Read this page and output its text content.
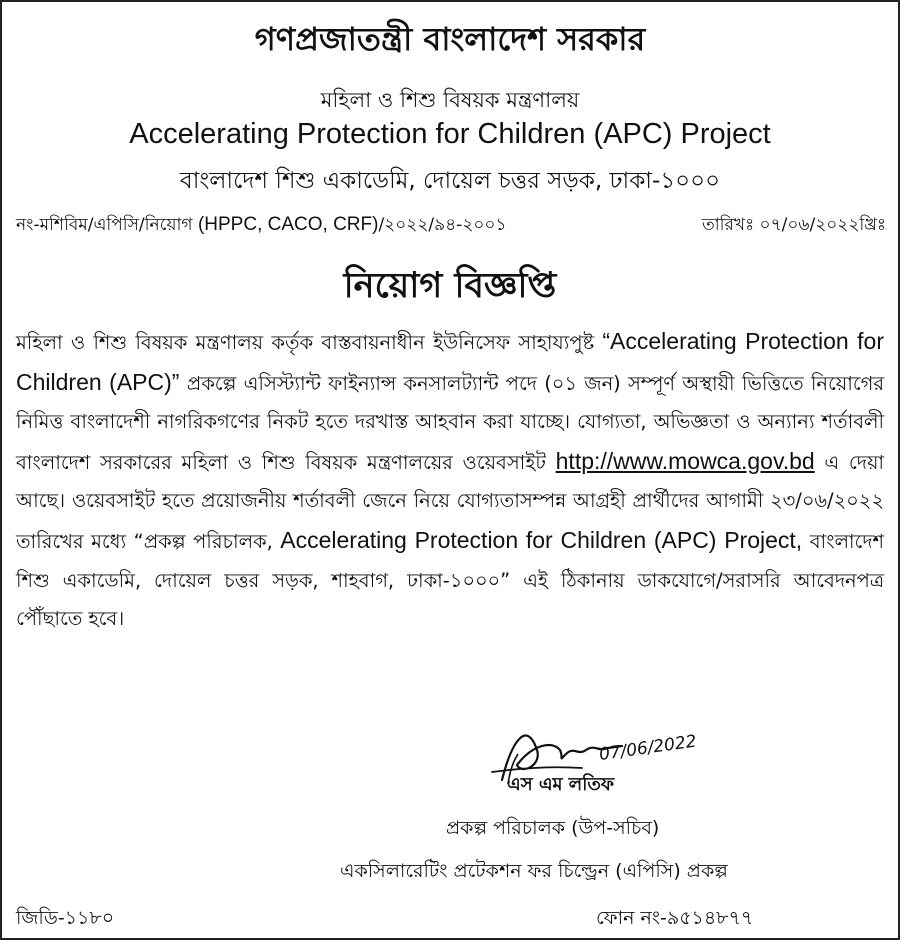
গণপ্রজাতন্ত্রী বাংলাদেশ সরকার
মহিলা ও শিশু বিষয়ক মন্ত্রণালয়
Accelerating Protection for Children (APC) Project
বাংলাদেশ শিশু একাডেমি, দোয়েল চত্তর সড়ক, ঢাকা-১০০০
নং-মশিবিম/এপিসি/নিয়োগ (HPPC, CACO, CRF)/২০২২/৯৪-২০০১	তারিখঃ ০৭/০৬/২০২২খ্রিঃ
নিয়োগ বিজ্ঞপ্তি
মহিলা ও শিশু বিষয়ক মন্ত্রণালয় কর্তৃক বাস্তবায়নাধীন ইউনিসেফ সাহায্যপুষ্ট “Accelerating Protection for Children (APC)” প্রকল্পে এসিস্ট্যান্ট ফাইন্যান্স কনসালট্যান্ট পদে (০১ জন) সম্পূর্ণ অস্থায়ী ভিত্তিতে নিয়োগের নিমিত্ত বাংলাদেশী নাগরিকগণের নিকট হতে দরখাস্ত আহবান করা যাচ্ছে। যোগ্যতা, অভিজ্ঞতা ও অন্যান্য শর্তাবলী বাংলাদেশ সরকারের মহিলা ও শিশু বিষয়ক মন্ত্রণালয়ের ওয়েবসাইট http://www.mowca.gov.bd এ দেয়া আছে। ওয়েবসাইট হতে প্রয়োজনীয় শর্তাবলী জেনে নিয়ে যোগ্যতাসম্পন্ন আগ্রহী প্রার্থীদের আগামী ২৩/০৬/২০২২ তারিখের মধ্যে “প্রকল্প পরিচালক, Accelerating Protection for Children (APC) Project, বাংলাদেশ শিশু একাডেমি, দোয়েল চত্তর সড়ক, শাহবাগ, ঢাকা-১০০০” এই ঠিকানায় ডাকযোগে/সরাসরি আবেদনপত্র পৌঁছাতে হবে।
07/06/2022
এস এম লতিফ
প্রকল্প পরিচালক (উপ-সচিব)
একসিলারেটিং প্রটেকশন ফর চিল্ড্রেন (এপিসি) প্রকল্প
জিডি-১১৮০	ফোন নং-৯৫১৪৮৭৭
